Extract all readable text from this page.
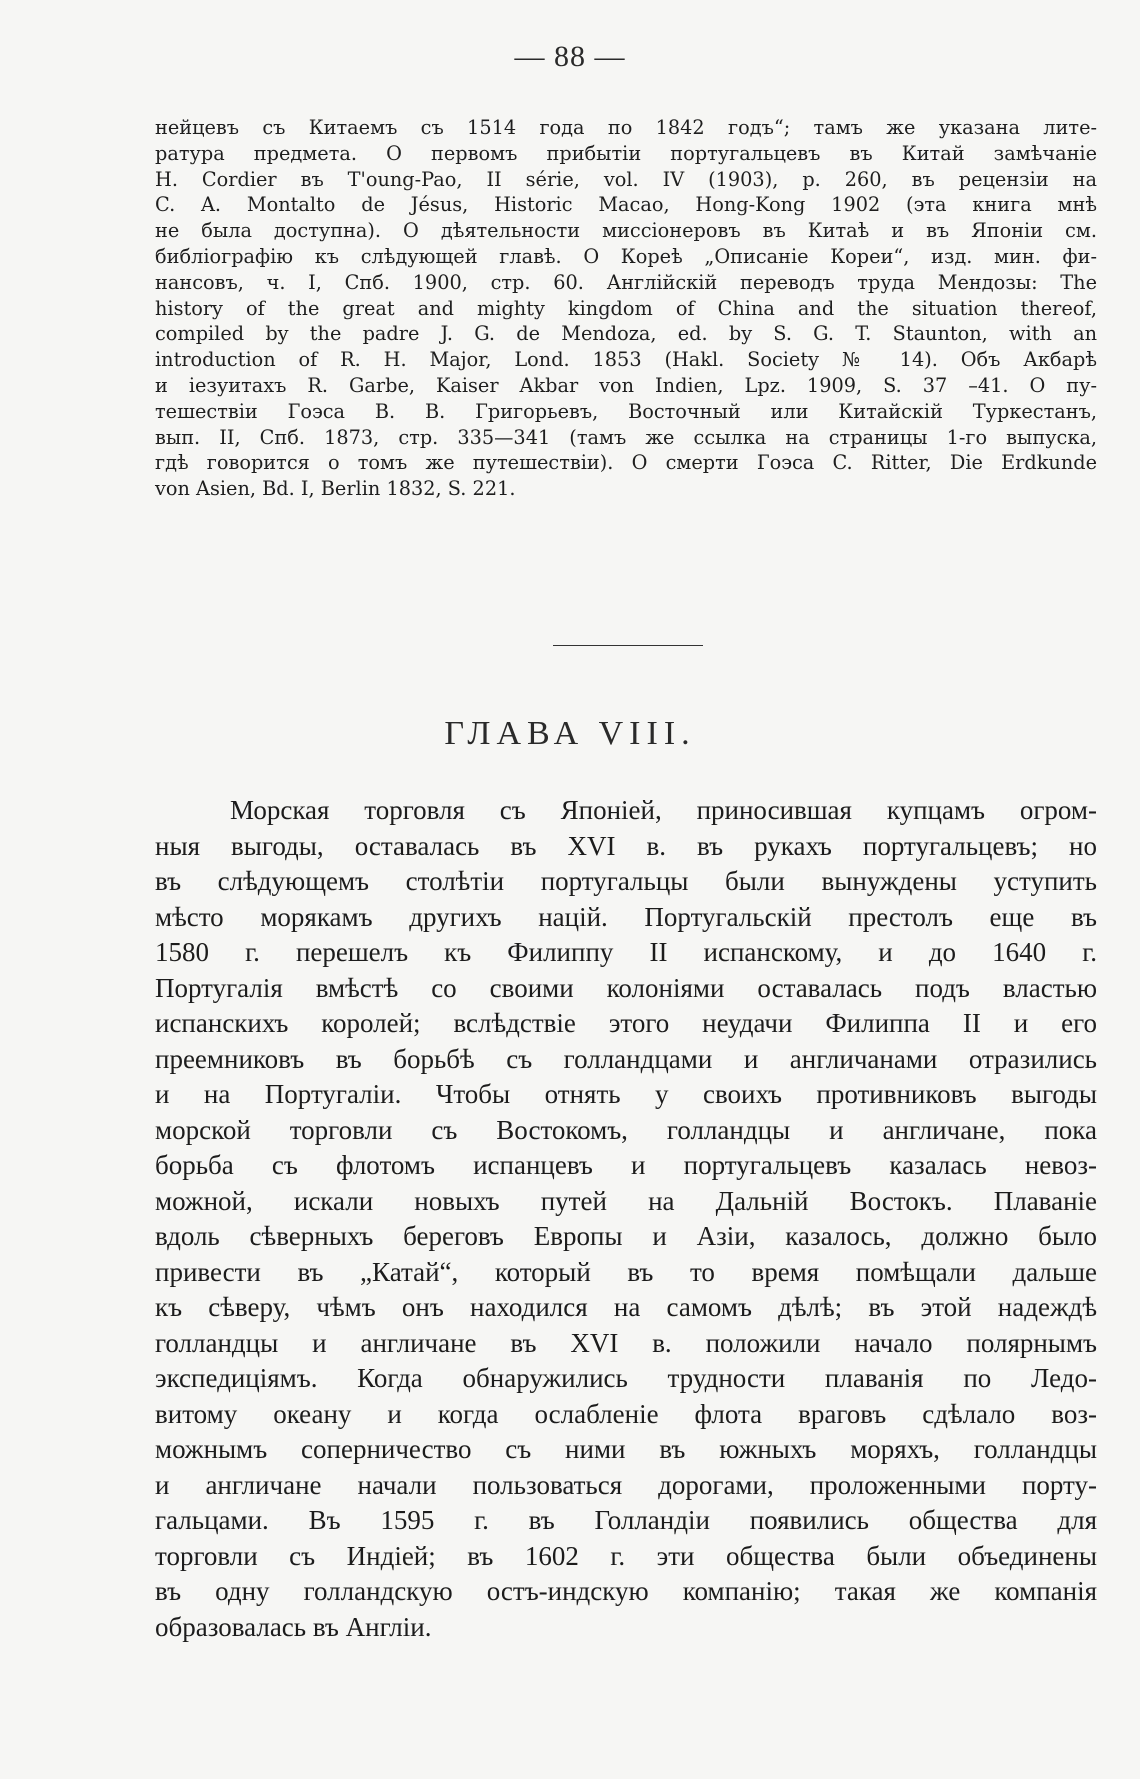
— 88 —
нейцевъ съ Китаемъ съ 1514 года по 1842 годъ“; тамъ же указана лите-
ратура предмета. О первомъ прибытіи португальцевъ въ Китай замѣчаніе
H. Cordier въ T'oung-Pao, II série, vol. IV (1903), p. 260, въ рецензіи на
C. A. Montalto de Jésus, Historic Macao, Hong-Kong 1902 (эта книга мнѣ
не была доступна). О дѣятельности миссіонеровъ въ Китаѣ и въ Японіи см.
библіографію къ слѣдующей главѣ. О Кореѣ „Описаніе Кореи“, изд. мин. фи-
нансовъ, ч. I, Спб. 1900, стр. 60. Англійскій переводъ труда Мендозы: The
history of the great and mighty kingdom of China and the situation thereof,
compiled by the padre J. G. de Mendoza, ed. by S. G. T. Staunton, with an
introduction of R. H. Major, Lond. 1853 (Hakl. Society № 14). Объ Акбарѣ
и іезуитахъ R. Garbe, Kaiser Akbar von Indien, Lpz. 1909, S. 37 –41. О пу-
тешествіи Гоэса В. В. Григорьевъ, Восточный или Китайскій Туркестанъ,
вып. II, Спб. 1873, стр. 335—341 (тамъ же ссылка на страницы 1-го выпуска,
гдѣ говорится о томъ же путешествіи). О смерти Гоэса C. Ritter, Die Erdkunde
von Asien, Bd. I, Berlin 1832, S. 221.
ГЛАВА VIII.
Морская торговля съ Японіей, приносившая купцамъ огром-
ныя выгоды, оставалась въ XVI в. въ рукахъ португальцевъ; но
въ слѣдующемъ столѣтіи португальцы были вынуждены уступить
мѣсто морякамъ другихъ націй. Португальскій престолъ еще въ
1580 г. перешелъ къ Филиппу II испанскому, и до 1640 г.
Португалія вмѣстѣ со своими колоніями оставалась подъ властью
испанскихъ королей; вслѣдствіе этого неудачи Филиппа II и его
преемниковъ въ борьбѣ съ голландцами и англичанами отразились
и на Португаліи. Чтобы отнять у своихъ противниковъ выгоды
морской торговли съ Востокомъ, голландцы и англичане, пока
борьба съ флотомъ испанцевъ и португальцевъ казалась невоз-
можной, искали новыхъ путей на Дальній Востокъ. Плаваніе
вдоль сѣверныхъ береговъ Европы и Азіи, казалось, должно было
привести въ „Катай“, который въ то время помѣщали дальше
къ сѣверу, чѣмъ онъ находился на самомъ дѣлѣ; въ этой надеждѣ
голландцы и англичане въ XVI в. положили начало полярнымъ
экспедиціямъ. Когда обнаружились трудности плаванія по Ледо-
витому океану и когда ослабленіе флота враговъ сдѣлало воз-
можнымъ соперничество съ ними въ южныхъ моряхъ, голландцы
и англичане начали пользоваться дорогами, проложенными порту-
гальцами. Въ 1595 г. въ Голландіи появились общества для
торговли съ Индіей; въ 1602 г. эти общества были объединены
въ одну голландскую остъ-индскую компанію; такая же компанія
образовалась въ Англіи.
